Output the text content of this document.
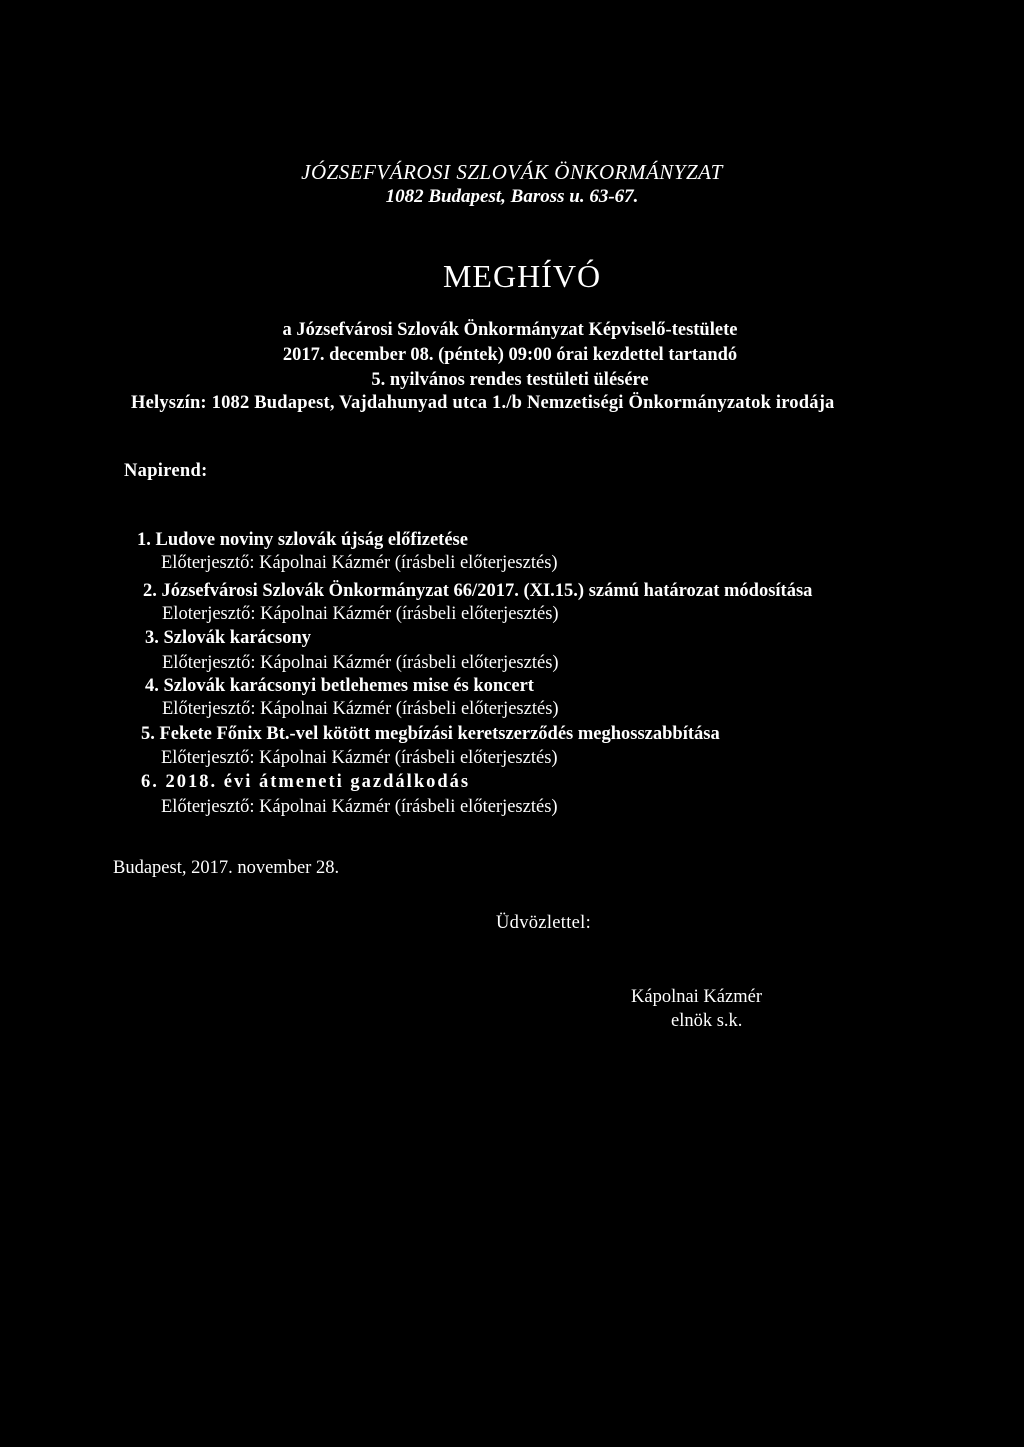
JÓZSEFVÁROSI SZLOVÁK ÖNKORMÁNYZAT
1082 Budapest, Baross u. 63-67.
MEGHÍVÓ
a Józsefvárosi Szlovák Önkormányzat Képviselő-testülete
2017. december 08. (péntek) 09:00 órai kezdettel tartandó
5. nyilvános rendes testületi ülésére
Helyszín: 1082 Budapest, Vajdahunyad utca 1./b Nemzetiségi Önkormányzatok irodája
Napirend:
1. Ludove noviny szlovák újság előfizetése
Előterjesztő: Kápolnai Kázmér (írásbeli előterjesztés)
2. Józsefvárosi Szlovák Önkormányzat 66/2017. (XI.15.) számú határozat módosítása
Eloterjesztő: Kápolnai Kázmér (írásbeli előterjesztés)
3. Szlovák karácsony
Előterjesztő: Kápolnai Kázmér (írásbeli előterjesztés)
4. Szlovák karácsonyi betlehemes mise és koncert
Előterjesztő: Kápolnai Kázmér (írásbeli előterjesztés)
5. Fekete Főnix Bt.-vel kötött megbízási keretszerződés meghosszabbítása
Előterjesztő: Kápolnai Kázmér (írásbeli előterjesztés)
6. 2018. évi átmeneti gazdálkodás
Előterjesztő: Kápolnai Kázmér (írásbeli előterjesztés)
Budapest, 2017. november 28.
Üdvözlettel:
Kápolnai Kázmér
elnök s.k.
